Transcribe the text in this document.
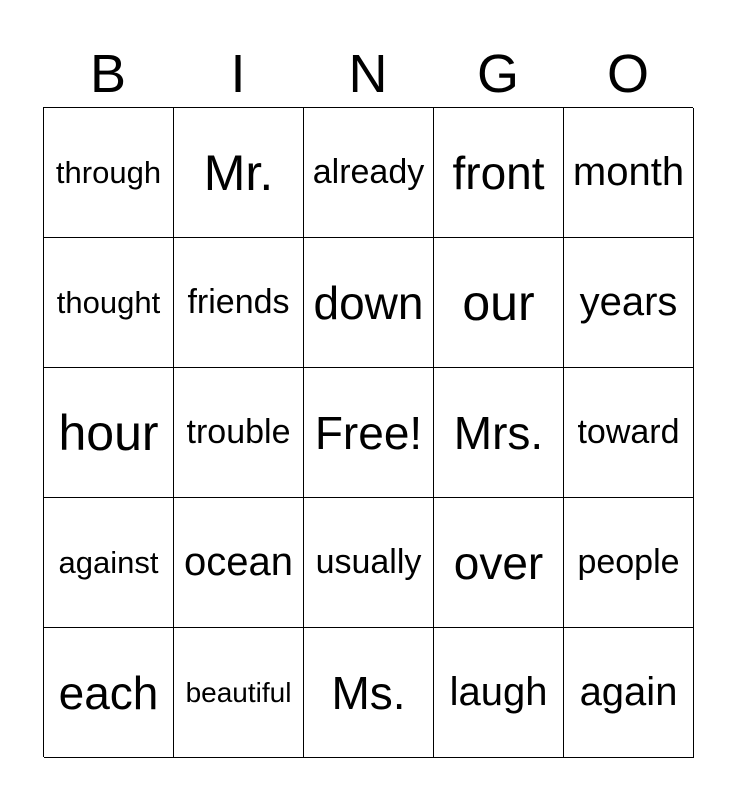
B	I	N	G	O
through Mr. already front month
thought friends down our years
hour trouble Free! Mrs. toward
against ocean usually over people
each beautiful Ms. laugh again
